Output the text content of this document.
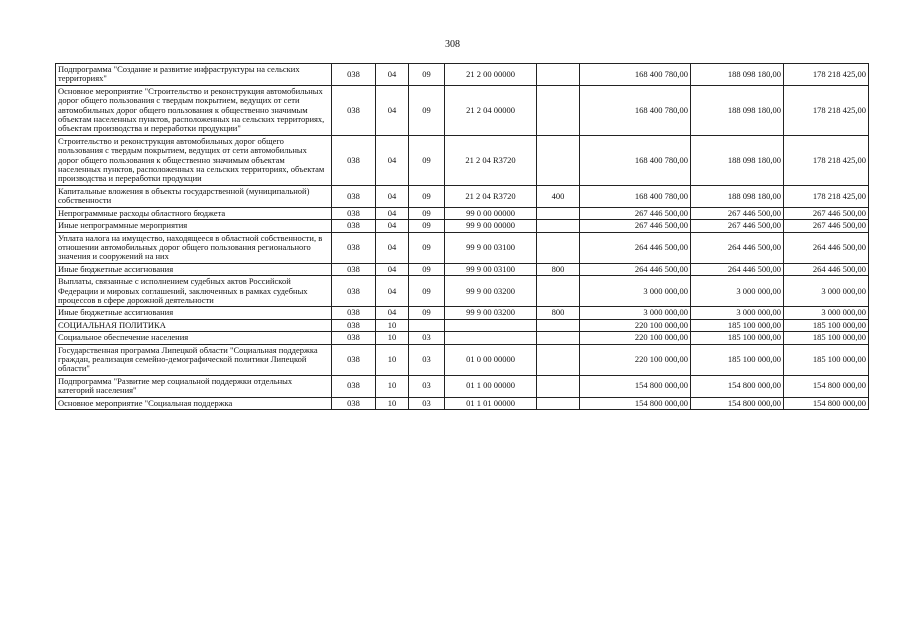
308
Подпрограмма "Создание и развитие инфраструктуры на сельских территориях"	038	04	09	21 2 00 00000		168 400 780,00	188 098 180,00	178 218 425,00
Основное мероприятие "Строительство и реконструкция автомобильных дорог общего пользования с твердым покрытием, ведущих от сети автомобильных дорог общего пользования к общественно значимым объектам населенных пунктов, расположенных на сельских территориях, объектам производства и переработки продукции"	038	04	09	21 2 04 00000		168 400 780,00	188 098 180,00	178 218 425,00
Строительство и реконструкция автомобильных дорог общего пользования с твердым покрытием, ведущих от сети автомобильных дорог общего пользования к общественно значимым объектам населенных пунктов, расположенных на сельских территориях, объектам производства и переработки продукции	038	04	09	21 2 04 R3720		168 400 780,00	188 098 180,00	178 218 425,00
Капитальные вложения в объекты государственной (муниципальной) собственности	038	04	09	21 2 04 R3720	400	168 400 780,00	188 098 180,00	178 218 425,00
Непрограммные расходы областного бюджета	038	04	09	99 0 00 00000		267 446 500,00	267 446 500,00	267 446 500,00
Иные непрограммные мероприятия	038	04	09	99 9 00 00000		267 446 500,00	267 446 500,00	267 446 500,00
Уплата налога на имущество, находящееся в областной собственности, в отношении автомобильных дорог общего пользования регионального значения и сооружений на них	038	04	09	99 9 00 03100		264 446 500,00	264 446 500,00	264 446 500,00
Иные бюджетные ассигнования	038	04	09	99 9 00 03100	800	264 446 500,00	264 446 500,00	264 446 500,00
Выплаты, связанные с исполнением судебных актов Российской Федерации и мировых соглашений, заключенных в рамках судебных процессов в сфере дорожной деятельности	038	04	09	99 9 00 03200		3 000 000,00	3 000 000,00	3 000 000,00
Иные бюджетные ассигнования	038	04	09	99 9 00 03200	800	3 000 000,00	3 000 000,00	3 000 000,00
СОЦИАЛЬНАЯ ПОЛИТИКА	038	10				220 100 000,00	185 100 000,00	185 100 000,00
Социальное обеспечение населения	038	10	03			220 100 000,00	185 100 000,00	185 100 000,00
Государственная программа Липецкой области "Социальная поддержка граждан, реализация семейно-демографической политики Липецкой области"	038	10	03	01 0 00 00000		220 100 000,00	185 100 000,00	185 100 000,00
Подпрограмма "Развитие мер социальной поддержки отдельных категорий населения"	038	10	03	01 1 00 00000		154 800 000,00	154 800 000,00	154 800 000,00
Основное мероприятие "Социальная поддержка	038	10	03	01 1 01 00000		154 800 000,00	154 800 000,00	154 800 000,00
